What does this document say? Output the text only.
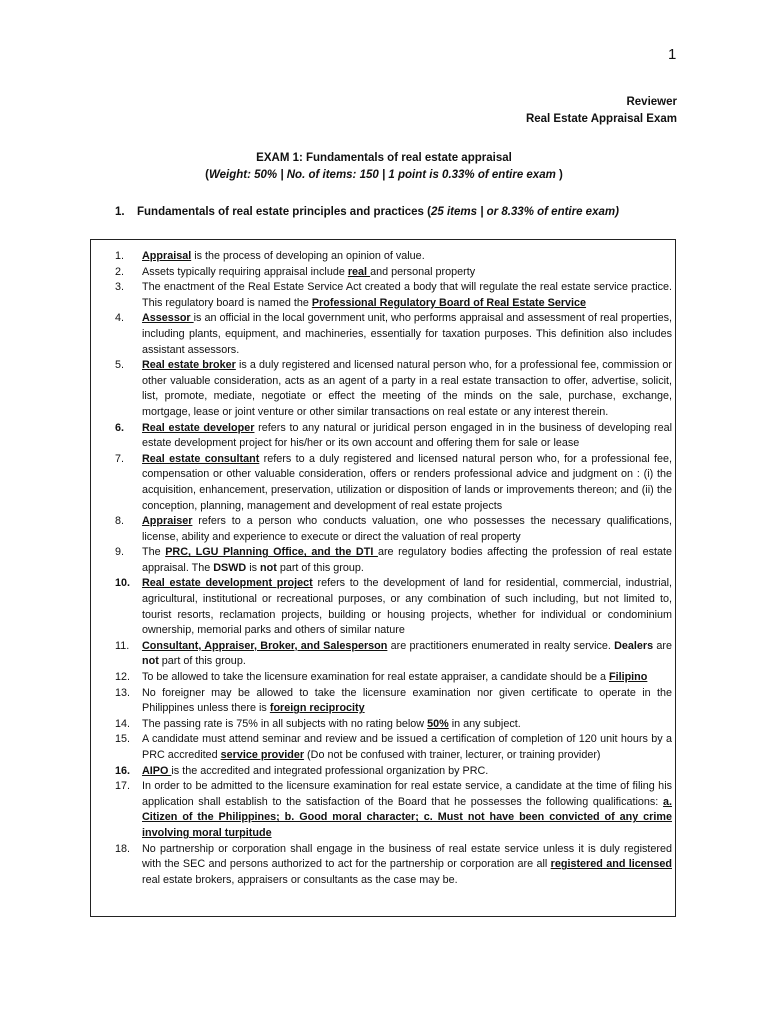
1
Reviewer
Real Estate Appraisal Exam
EXAM 1: Fundamentals of real estate appraisal
(Weight: 50% | No. of items: 150 | 1 point is 0.33% of entire exam )
1. Fundamentals of real estate principles and practices (25 items | or 8.33% of entire exam)
1. Appraisal is the process of developing an opinion of value.
2. Assets typically requiring appraisal include real and personal property
3. The enactment of the Real Estate Service Act created a body that will regulate the real estate service practice. This regulatory board is named the Professional Regulatory Board of Real Estate Service
4. Assessor is an official in the local government unit, who performs appraisal and assessment of real properties, including plants, equipment, and machineries, essentially for taxation purposes. This definition also includes assistant assessors.
5. Real estate broker is a duly registered and licensed natural person who, for a professional fee, commission or other valuable consideration, acts as an agent of a party in a real estate transaction to offer, advertise, solicit, list, promote, mediate, negotiate or effect the meeting of the minds on the sale, purchase, exchange, mortgage, lease or joint venture or other similar transactions on real estate or any interest therein.
6. Real estate developer refers to any natural or juridical person engaged in in the business of developing real estate development project for his/her or its own account and offering them for sale or lease
7. Real estate consultant refers to a duly registered and licensed natural person who, for a professional fee, compensation or other valuable consideration, offers or renders professional advice and judgment on : (i) the acquisition, enhancement, preservation, utilization or disposition of lands or improvements thereon; and (ii) the conception, planning, management and development of real estate projects
8. Appraiser refers to a person who conducts valuation, one who possesses the necessary qualifications, license, ability and experience to execute or direct the valuation of real property
9. The PRC, LGU Planning Office, and the DTI are regulatory bodies affecting the profession of real estate appraisal. The DSWD is not part of this group.
10. Real estate development project refers to the development of land for residential, commercial, industrial, agricultural, institutional or recreational purposes, or any combination of such including, but not limited to, tourist resorts, reclamation projects, building or housing projects, whether for individual or condominium ownership, memorial parks and others of similar nature
11. Consultant, Appraiser, Broker, and Salesperson are practitioners enumerated in realty service. Dealers are not part of this group.
12. To be allowed to take the licensure examination for real estate appraiser, a candidate should be a Filipino
13. No foreigner may be allowed to take the licensure examination nor given certificate to operate in the Philippines unless there is foreign reciprocity
14. The passing rate is 75% in all subjects with no rating below 50% in any subject.
15. A candidate must attend seminar and review and be issued a certification of completion of 120 unit hours by a PRC accredited service provider (Do not be confused with trainer, lecturer, or training provider)
16. AIPO is the accredited and integrated professional organization by PRC.
17. In order to be admitted to the licensure examination for real estate service, a candidate at the time of filing his application shall establish to the satisfaction of the Board that he possesses the following qualifications: a. Citizen of the Philippines; b. Good moral character; c. Must not have been convicted of any crime involving moral turpitude
18. No partnership or corporation shall engage in the business of real estate service unless it is duly registered with the SEC and persons authorized to act for the partnership or corporation are all registered and licensed real estate brokers, appraisers or consultants as the case may be.
